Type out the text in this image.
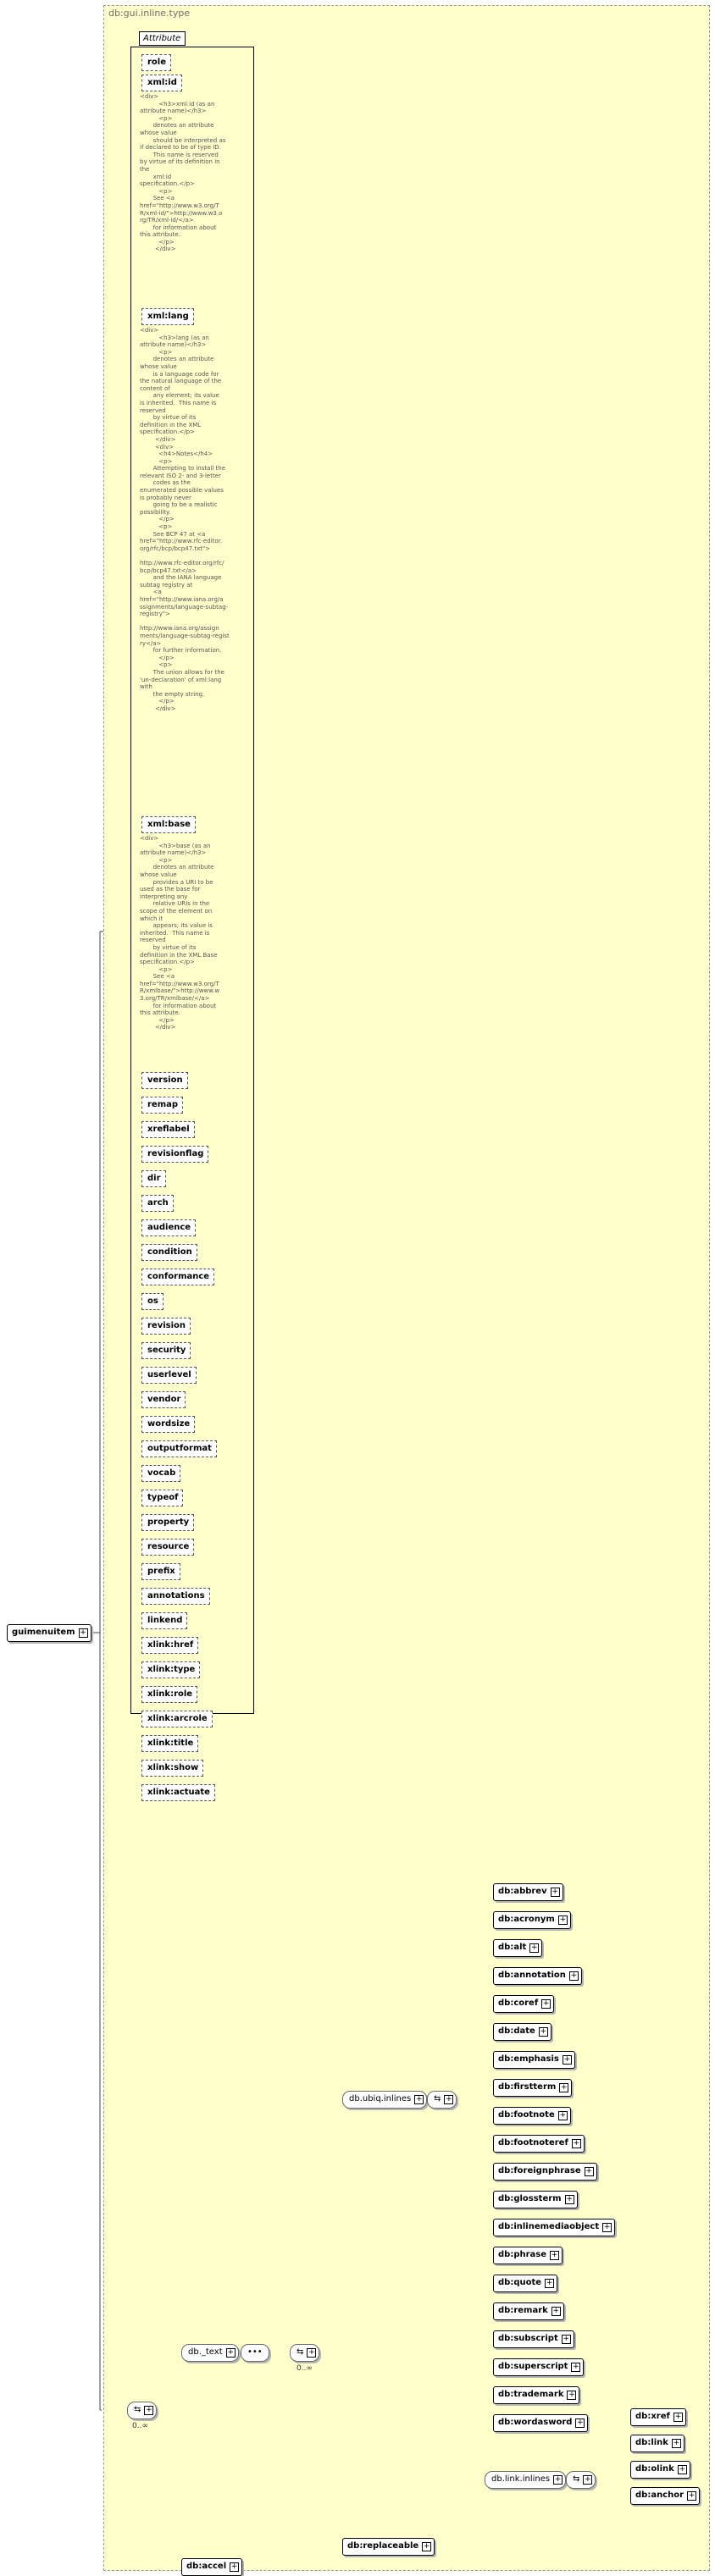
db:gui.inline.type
Attribute
role
xml:id
<div>
<h3>xml:id (as an
attribute name)</h3>
<p>
denotes an attribute
whose value
should be interpreted as
if declared to be of type ID.
This name is reserved
by virtue of its definition in
the
xml:id
specification.</p>
<p>
See <a
href="http://www.w3.org/T
R/xml-id/">http://www.w3.o
rg/TR/xml-id/</a>
for information about
this attribute.
</p>
</div>
xml:lang
<div>
<h3>lang (as an
attribute name)</h3>
<p>
denotes an attribute
whose value
is a language code for
the natural language of the
content of
any element; its value
is inherited.  This name is
reserved
by virtue of its
definition in the XML
specification.</p>
</div>
<div>
<h4>Notes</h4>
<p>
Attempting to install the
relevant ISO 2- and 3-letter
codes as the
enumerated possible values
is probably never
going to be a realistic
possibility.
</p>
<p>
See BCP 47 at <a
href="http://www.rfc-editor.
org/rfc/bcp/bcp47.txt">

http://www.rfc-editor.org/rfc/
bcp/bcp47.txt</a>
and the IANA language
subtag registry at
<a
href="http://www.iana.org/a
ssignments/language-subtag-
registry">

http://www.iana.org/assign
ments/language-subtag-regist
ry</a>
for further information.
</p>
<p>
The union allows for the
'un-declaration' of xml:lang
with
the empty string.
</p>
</div>
xml:base
<div>
<h3>base (as an
attribute name)</h3>
<p>
denotes an attribute
whose value
provides a URI to be
used as the base for
interpreting any
relative URIs in the
scope of the element on
which it
appears; its value is
inherited.  This name is
reserved
by virtue of its
definition in the XML Base
specification.</p>
<p>
See <a
href="http://www.w3.org/T
R/xmlbase/">http://www.w
3.org/TR/xmlbase/</a>
for information about
this attribute.
</p>
</div>
version
remap
xreflabel
revisionflag
dir
arch
audience
condition
conformance
os
revision
security
userlevel
vendor
wordsize
outputformat
vocab
typeof
property
resource
prefix
annotations
linkend
xlink:href
xlink:type
xlink:role
xlink:arcrole
xlink:title
xlink:show
xlink:actuate
guimenuitem +
⇆ +
0..∞
db._text +	•••	⇆ +
0..∞
db.ubiq.inlines +	⇆ +
db.link.inlines +	⇆ +
db:abbrev +
db:acronym +
db:alt +
db:annotation +
db:coref +
db:date +
db:emphasis +
db:firstterm +
db:footnote +
db:footnoteref +
db:foreignphrase +
db:glossterm +
db:inlinemediaobject +
db:phrase +
db:quote +
db:remark +
db:subscript +
db:superscript +
db:trademark +
db:wordasword +
db:xref +
db:link +
db:olink +
db:anchor +
db:replaceable +
db:accel +
